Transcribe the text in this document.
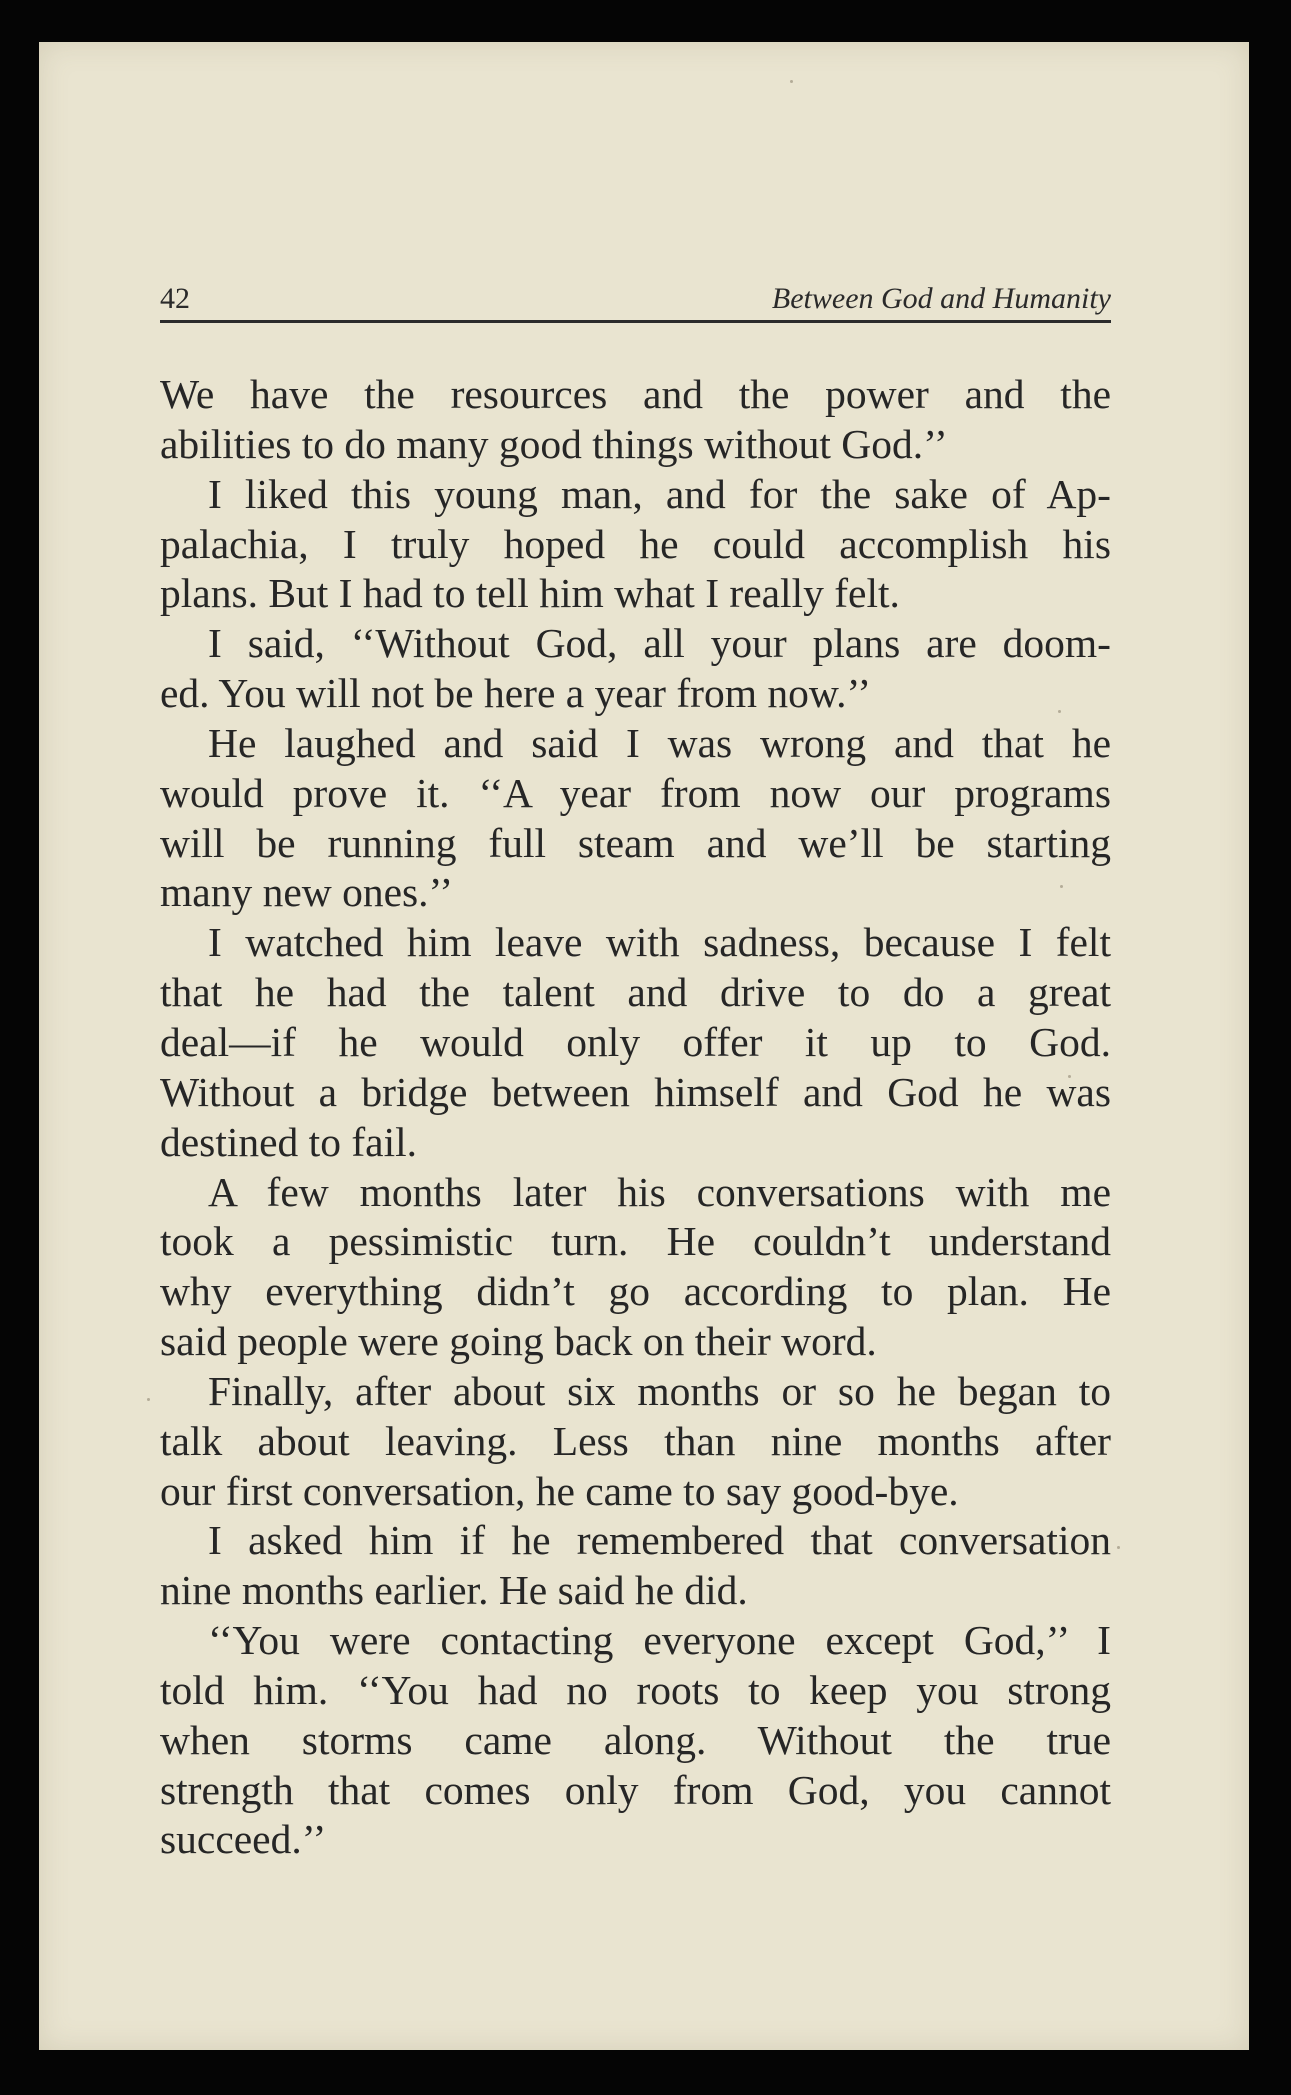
42	Between God and Humanity
We have the resources and the power and the
abilities to do many good things without God.’’
I liked this young man, and for the sake of Ap-
palachia, I truly hoped he could accomplish his
plans. But I had to tell him what I really felt.
I said, ‘‘Without God, all your plans are doom-
ed. You will not be here a year from now.’’
He laughed and said I was wrong and that he
would prove it. ‘‘A year from now our programs
will be running full steam and we’ll be starting
many new ones.’’
I watched him leave with sadness, because I felt
that he had the talent and drive to do a great
deal—if he would only offer it up to God.
Without a bridge between himself and God he was
destined to fail.
A few months later his conversations with me
took a pessimistic turn. He couldn’t understand
why everything didn’t go according to plan. He
said people were going back on their word.
Finally, after about six months or so he began to
talk about leaving. Less than nine months after
our first conversation, he came to say good-bye.
I asked him if he remembered that conversation
nine months earlier. He said he did.
‘‘You were contacting everyone except God,’’ I
told him. ‘‘You had no roots to keep you strong
when storms came along. Without the true
strength that comes only from God, you cannot
succeed.’’
